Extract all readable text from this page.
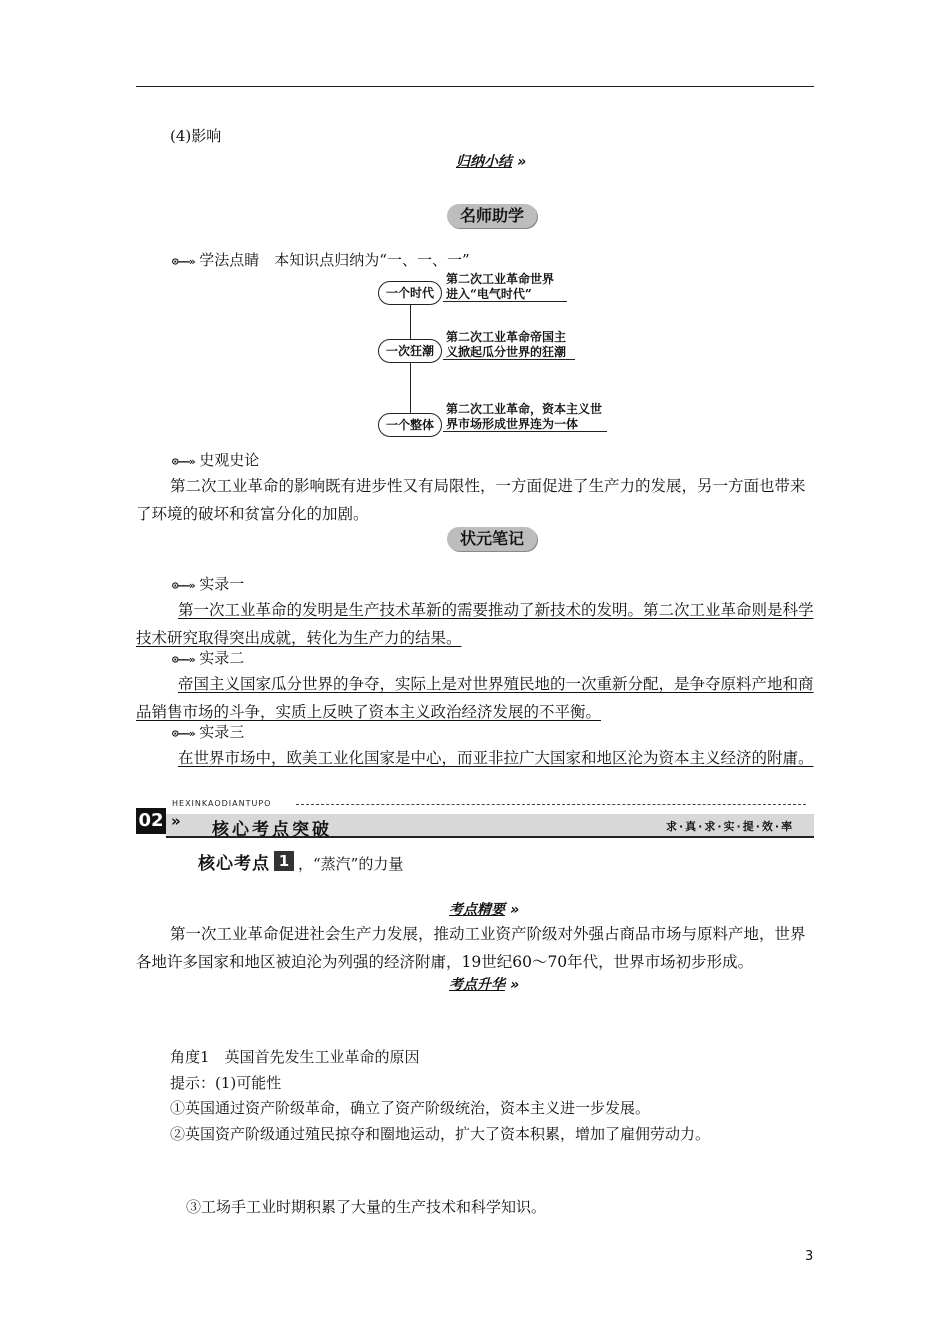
(4)影响
归纳小结 »
名师助学
⊙——» 学法点睛　本知识点归纳为“一、一、一”
一个时代
第二次工业革命世界
进入“电气时代”
一次狂潮
第二次工业革命帝国主
义掀起瓜分世界的狂潮
一个整体
第二次工业革命，资本主义世
界市场形成世界连为一体
⊙——» 史观史论
第二次工业革命的影响既有进步性又有局限性，一方面促进了生产力的发展，另一方面也带来了环境的破坏和贫富分化的加剧。
状元笔记
⊙——» 实录一
第一次工业革命的发明是生产技术革新的需要推动了新技术的发明。第二次工业革命则是科学技术研究取得突出成就，转化为生产力的结果。
⊙——» 实录二
帝国主义国家瓜分世界的争夺，实际上是对世界殖民地的一次重新分配，是争夺原料产地和商品销售市场的斗争，实质上反映了资本主义政治经济发展的不平衡。
⊙——» 实录三
在世界市场中，欧美工业化国家是中心，而亚非拉广大国家和地区沦为资本主义经济的附庸。
HEXINKAODIANTUPO
02 » 核心考点突破	求·真·求·实·提·效·率
核心考点 1 ，“蒸汽”的力量
考点精要 »
第一次工业革命促进社会生产力发展，推动工业资产阶级对外强占商品市场与原料产地，世界各地许多国家和地区被迫沦为列强的经济附庸，19世纪60～70年代，世界市场初步形成。
考点升华 »
角度1　英国首先发生工业革命的原因
提示：(1)可能性
①英国通过资产阶级革命，确立了资产阶级统治，资本主义进一步发展。
②英国资产阶级通过殖民掠夺和圈地运动，扩大了资本积累，增加了雇佣劳动力。
③工场手工业时期积累了大量的生产技术和科学知识。
3
